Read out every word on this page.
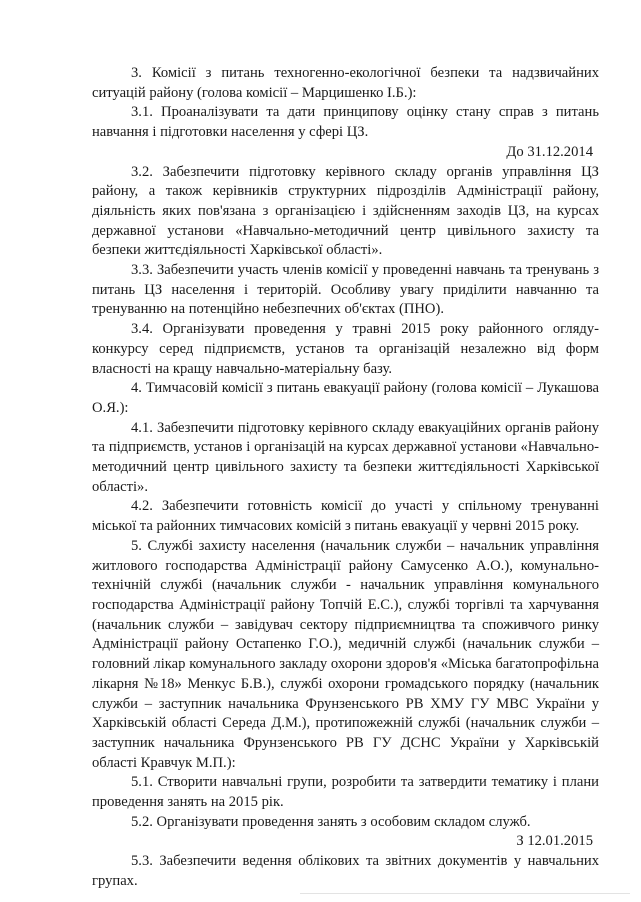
3. Комісії з питань техногенно-екологічної безпеки та надзвичайних ситуацій району (голова комісії – Марцишенко І.Б.):

3.1. Проаналізувати та дати принципову оцінку стану справ з питань навчання і підготовки населення у сфері ЦЗ.

До 31.12.2014

3.2. Забезпечити підготовку керівного складу органів управління ЦЗ району, а також керівників структурних підрозділів Адміністрації району, діяльність яких пов'язана з організацією і здійсненням заходів ЦЗ, на курсах державної установи «Навчально-методичний центр цивільного захисту та безпеки життєдіяльності Харківської області».

3.3. Забезпечити участь членів комісії у проведенні навчань та тренувань з питань ЦЗ населення і територій. Особливу увагу приділити навчанню та тренуванню на потенційно небезпечних об'єктах (ПНО).

3.4. Організувати проведення у травні 2015 року районного огляду-конкурсу серед підприємств, установ та організацій незалежно від форм власності на кращу навчально-матеріальну базу.

4. Тимчасовій комісії з питань евакуації району (голова комісії – Лукашова О.Я.):

4.1. Забезпечити підготовку керівного складу евакуаційних органів району та підприємств, установ і організацій на курсах державної установи «Навчально-методичний центр цивільного захисту та безпеки життєдіяльності Харківської області».

4.2. Забезпечити готовність комісії до участі у спільному тренуванні міської та районних тимчасових комісій з питань евакуації у червні 2015 року.

5. Службі захисту населення (начальник служби – начальник управління житлового господарства Адміністрації району Самусенко А.О.), комунально-технічній службі (начальник служби - начальник управління комунального господарства Адміністрації району Топчій Е.С.), службі торгівлі та харчування (начальник служби – завідувач сектору підприємництва та споживчого ринку Адміністрації району Остапенко Г.О.), медичній службі (начальник служби – головний лікар комунального закладу охорони здоров'я «Міська багатопрофільна лікарня №18» Менкус Б.В.), службі охорони громадського порядку (начальник служби – заступник начальника Фрунзенського РВ ХМУ ГУ МВС України у Харківській області Середа Д.М.), протипожежній службі (начальник служби – заступник начальника Фрунзенського РВ ГУ ДСНС України у Харківській області Кравчук М.П.):

5.1. Створити навчальні групи, розробити та затвердити тематику і плани проведення занять на 2015 рік.

5.2. Організувати проведення занять з особовим складом служб.

З 12.01.2015

5.3. Забезпечити ведення облікових та звітних документів у навчальних групах.
